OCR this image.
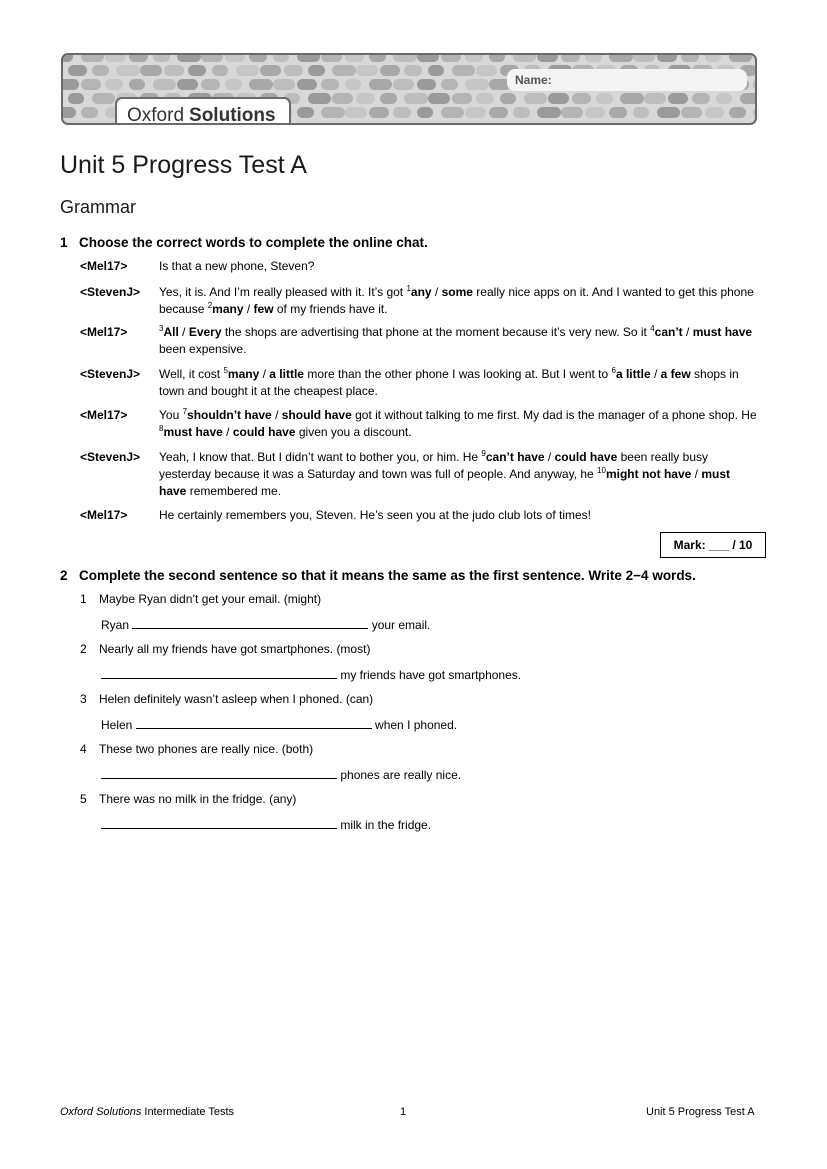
Name:
Oxford Solutions
Unit 5 Progress Test A
Grammar
1 Choose the correct words to complete the online chat.
<Mel17>	Is that a new phone, Steven?
<StevenJ>	Yes, it is. And I’m really pleased with it. It’s got $^1$any / some really nice apps on it. And I wanted to get this phone because $^2$many / few of my friends have it.
<Mel17>	$^3$All / Every the shops are advertising that phone at the moment because it’s very new. So it $^4$can’t / must have been expensive.
<StevenJ>	Well, it cost $^5$many / a little more than the other phone I was looking at. But I went to $^6$a little / a few shops in town and bought it at the cheapest place.
<Mel17>	You $^7$shouldn’t have / should have got it without talking to me first. My dad is the manager of a phone shop. He $^8$must have / could have given you a discount.
<StevenJ>	Yeah, I know that. But I didn’t want to bother you, or him. He $^9$can’t have / could have been really busy yesterday because it was a Saturday and town was full of people. And anyway, he $^{10}$might not have / must have remembered me.
<Mel17>	He certainly remembers you, Steven. He’s seen you at the judo club lots of times!
Mark: ___ / 10
2 Complete the second sentence so that it means the same as the first sentence. Write 2−4 words.
1 Maybe Ryan didn’t get your email. (might)
Ryan	your email.
2 Nearly all my friends have got smartphones. (most)
my friends have got smartphones.
3 Helen definitely wasn’t asleep when I phoned. (can)
Helen	when I phoned.
4 These two phones are really nice. (both)
phones are really nice.
5 There was no milk in the fridge. (any)
milk in the fridge.
Oxford Solutions Intermediate Tests	1	Unit 5 Progress Test A
